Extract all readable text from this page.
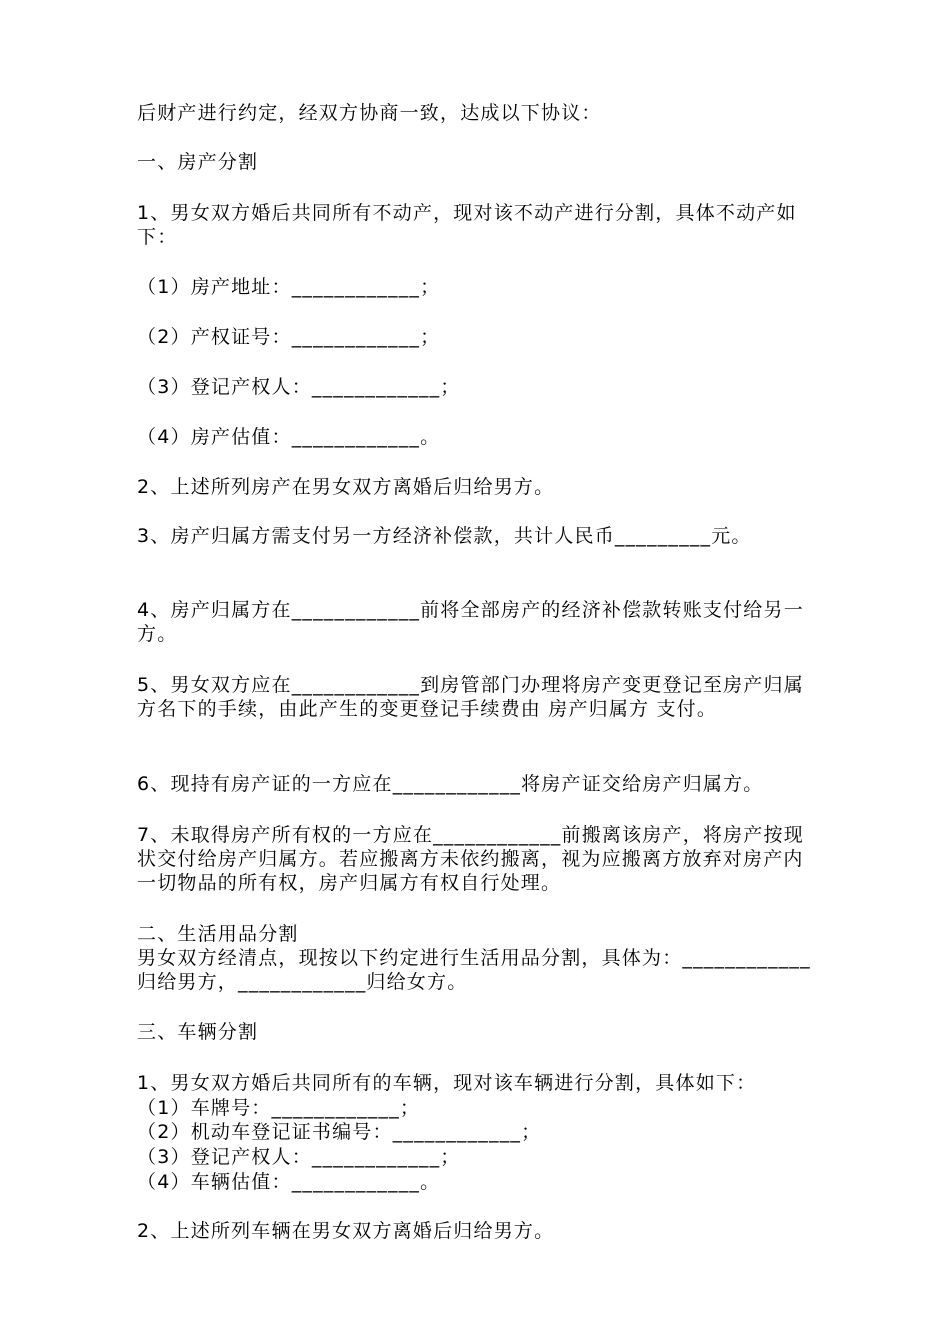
后财产进行约定，经双方协商一致，达成以下协议：
一、房产分割
1、男女双方婚后共同所有不动产，现对该不动产进行分割，具体不动产如下：
（1）房产地址：____________；
（2）产权证号：____________；
（3）登记产权人：____________；
（4）房产估值：____________。
2、上述所列房产在男女双方离婚后归给男方。
3、房产归属方需支付另一方经济补偿款，共计人民币_________元。
4、房产归属方在____________前将全部房产的经济补偿款转账支付给另一方。
5、男女双方应在____________到房管部门办理将房产变更登记至房产归属方名下的手续，由此产生的变更登记手续费由 房产归属方 支付。
6、现持有房产证的一方应在____________将房产证交给房产归属方。
7、未取得房产所有权的一方应在____________前搬离该房产，将房产按现状交付给房产归属方。若应搬离方未依约搬离，视为应搬离方放弃对房产内一切物品的所有权，房产归属方有权自行处理。
二、生活用品分割
男女双方经清点，现按以下约定进行生活用品分割，具体为：____________ 归给男方，____________归给女方。
三、车辆分割
1、男女双方婚后共同所有的车辆，现对该车辆进行分割，具体如下：
（1）车牌号：____________；
（2）机动车登记证书编号：____________；
（3）登记产权人：____________；
（4）车辆估值：____________。
2、上述所列车辆在男女双方离婚后归给男方。
